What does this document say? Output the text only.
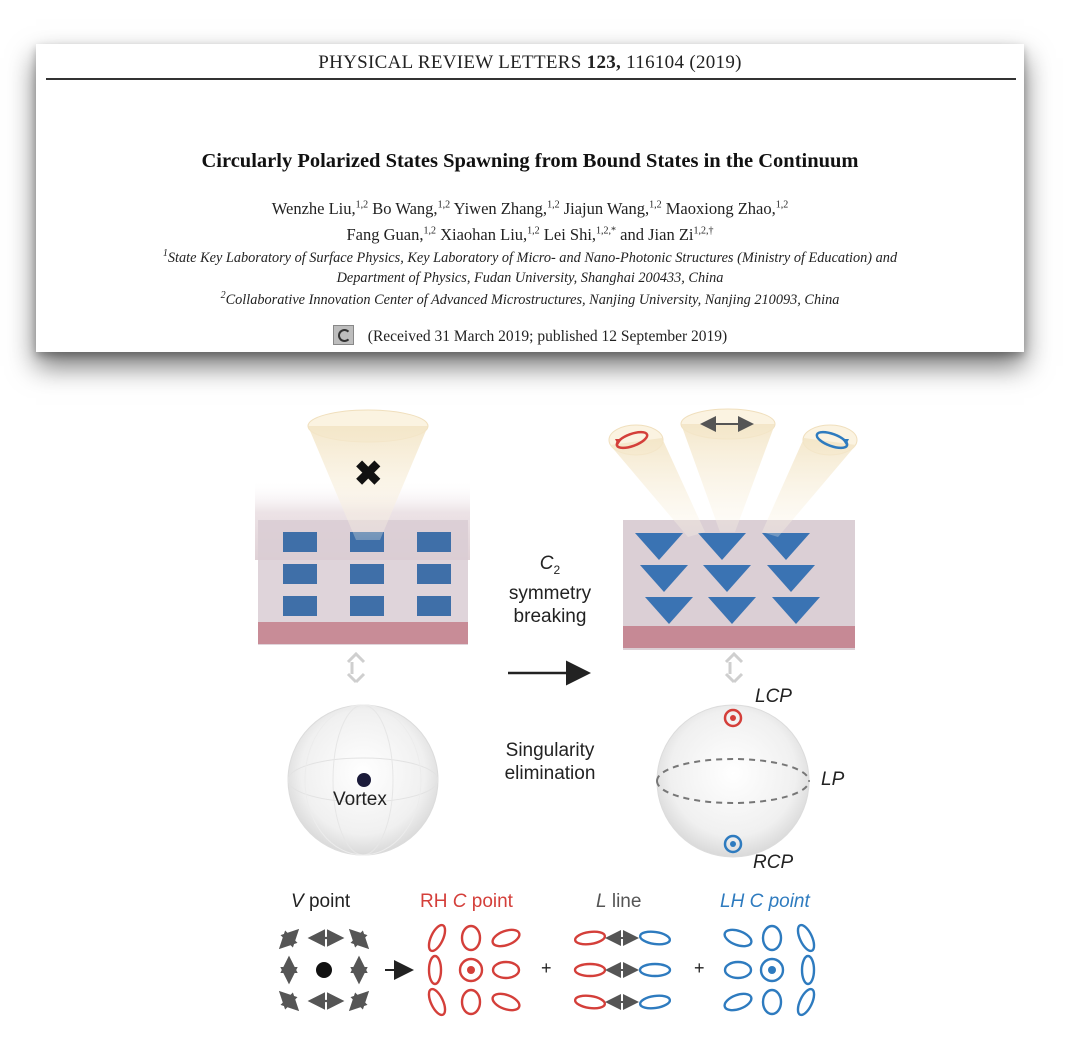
PHYSICAL REVIEW LETTERS 123, 116104 (2019)
Circularly Polarized States Spawning from Bound States in the Continuum
Wenzhe Liu,$^{1,2}$ Bo Wang,$^{1,2}$ Yiwen Zhang,$^{1,2}$ Jiajun Wang,$^{1,2}$ Maoxiong Zhao,$^{1,2}$
Fang Guan,$^{1,2}$ Xiaohan Liu,$^{1,2}$ Lei Shi,$^{1,2,*}$ and Jian $Zi^{1,2,\dagger}$
$^1$State Key Laboratory of Surface Physics, Key Laboratory of Micro- and Nano-Photonic Structures (Ministry of Education) and
Department of Physics, Fudan University, Shanghai 200433, China
$^2$Collaborative Innovation Center of Advanced Microstructures, Nanjing University, Nanjing 210093, China
(Received 31 March 2019; published 12 September 2019)
✖
$C_2$
symmetry
breaking
Singularity
elimination
Vortex
LCP
LP
RCP
V point	RH C point	L line	LH C point
+	+
